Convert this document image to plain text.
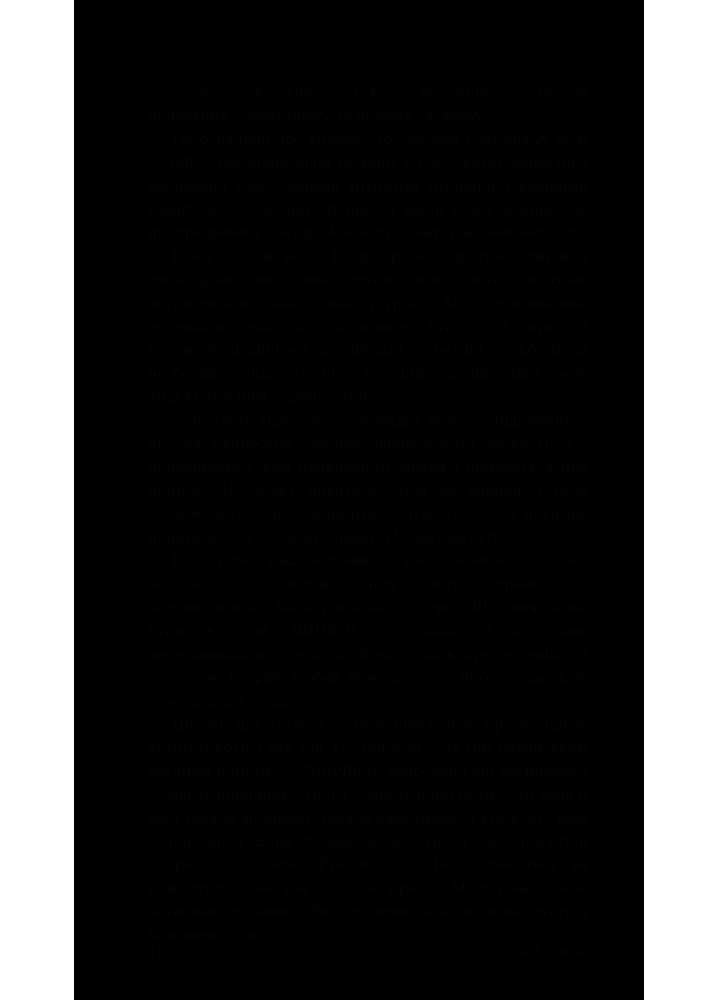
— А — як «Анна» та К — як «Кері», — сказав начальник секретаріату та повісив слухавку.

Це означало, що справа стосувалася секторів А та К — тобто тих підрозділів таємних служб, котрі займалися відповідно Сполученими Штатами Америки і країнами Карибського басейну. В період війни Бонд певний час пропрацював у секторі А, але про сектор К знав мало що.

Поки ж він вела Гайд-парком під тихе шипіння двоколірної вихлопної труби свого авта, відчував збудження від майбутньої зустрічі з М. — дивовижним чоловіком, який на той момент був (та й зараз є) головною людиною в англійській секретній службі. Бонд не бачив з кінця літа його холодних, пронизливих очей. Тоді М. був ним задоволений.

— Візьміть відпустку, — порадив йому. — Відпочиньте як слід. І виростіть собі нову шкіру ось тут, на кисті. «Q» порекомендує вам найкращого лікаря і домовиться про прийом. Не можу дивитися, пріб ви ходили з цією бісовою міткою росіян на руці. Одужуйте — а я поки що підшукаю для вас нову справу. Нехай щастить!

Руку йому таки відновили, вона загоювала — без болісно, але повільно. Ледь помітні шрами, що залишилися на місці російської літери «Ш» (початкова буква в слові «ШПИОН» — «шпигун»), поступово зарубцювалися, але коли Бонд згадав про чоловіка зі стилетом, котрий зробив йому це, рука його за звичкою стискалася в кулака.

Цікаво, що сталося з тією блискучою організацією, агентом котрої був той, із стилетом — із тим радянським органом помсти — СМЕРШем, скорочено від російського «Смерть шпионам», тобто «смерть шпигунам»! Чи вона й далі така ж впливова, така ж ефективна? І хто керує нею тепер, коли Берії більше нема? Після тієї пам'ятної операції в казино Руаяль-лез-О Бонд поклявся їм помститися. Він так і сказав про це М. під час їхньої останньої розмови. Чи не виявиться ця нова зустріч бажаним даля

18	Ієн Флемінг
